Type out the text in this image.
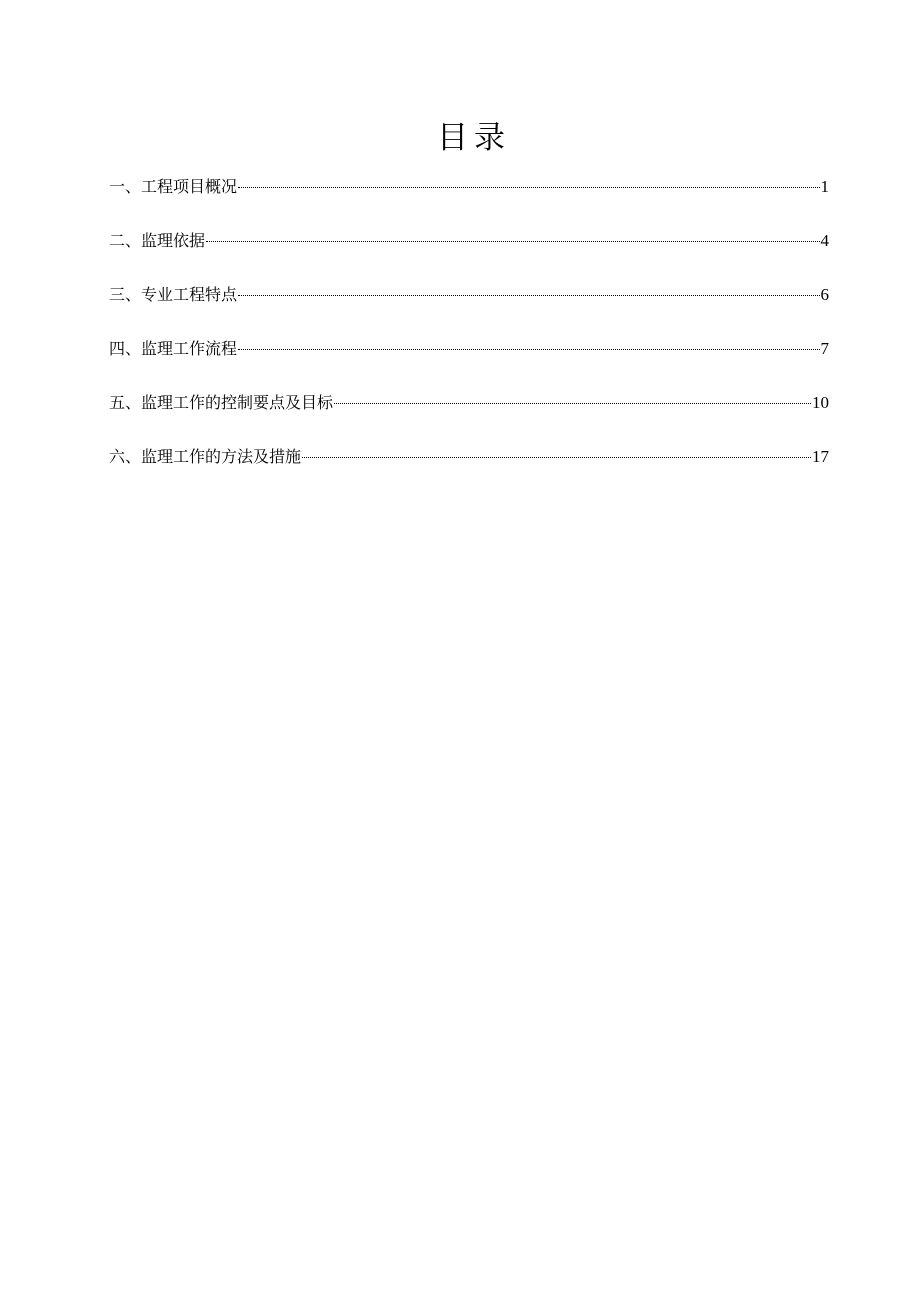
目录
一、工程项目概况	1
二、监理依据	4
三、专业工程特点	6
四、监理工作流程	7
五、监理工作的控制要点及目标	10
六、监理工作的方法及措施	17
